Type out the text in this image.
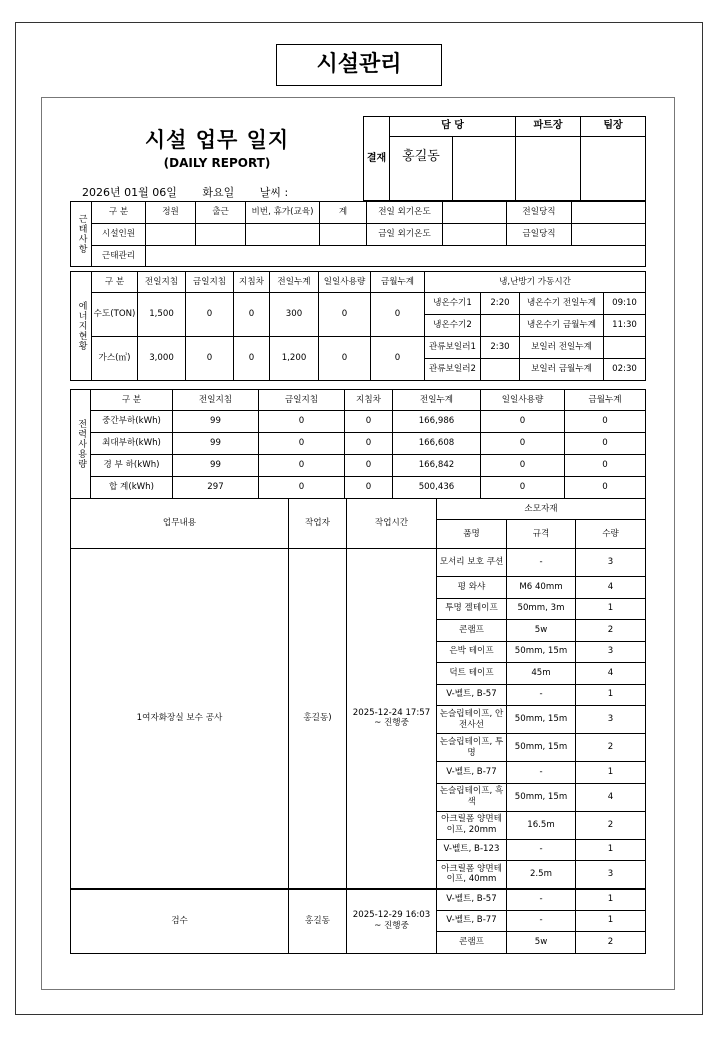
시설관리
시설 업무 일지
(DAILY REPORT)
2026년 01월 06일 화요일 날씨 :
결재	담 당		파트장	팀장
	홍길동			
근태사항	구 분	정원	출근	비번, 휴가(교육)	계	전일 외기온도		전일당직	
	시설인원					금일 외기온도		금일당직	
	근태관리								
에너지현황	구 분	전일지침	금일지침	지침차	전일누계	일일사용량	금월누계	냉,난방기 가동시간			
	수도(TON)	1,500	0	0	300	0	0	냉온수기1	2:20	냉온수기 전일누계	09:10
								냉온수기2		냉온수기 금월누계	11:30
	가스(㎥)	3,000	0	0	1,200	0	0	관류보일러1	2:30	보일러 전일누계	
								관류보일러2		보일러 금월누계	02:30
전력사용량	구 분	전일지침	금일지침	지침차	전일누계	일일사용량	금월누계
	중간부하(kWh)	99	0	0	166,986	0	0
	최대부하(kWh)	99	0	0	166,608	0	0
	경 부 하(kWh)	99	0	0	166,842	0	0
	합 계(kWh)	297	0	0	500,436	0	0
업무내용	작업자	작업시간	소모자재		
			품명	규격	수량
1여자화장실 보수 공사	홍길동)	2025-12-24 17:57 ~ 진행중	모서리 보호 쿠션	-	3
			평 와샤	M6 40mm	4
			투명 겔테이프	50mm, 3m	1
			콘램프	5w	2
			은박 테이프	50mm, 15m	3
			덕트 테이프	45m	4
			V-벨트, B-57	-	1
			논슬립테이프, 안전사선	50mm, 15m	3
			논슬립테이프, 투명	50mm, 15m	2
			V-벨트, B-77	-	1
			논슬립테이프, 흑색	50mm, 15m	4
			아크릴폼 양면테이프, 20mm	16.5m	2
			V-벨트, B-123	-	1
			아크릴폼 양면테이프, 40mm	2.5m	3
검수	홍길동	2025-12-29 16:03 ~ 진행중	V-벨트, B-57	-	1
			V-벨트, B-77	-	1
			콘램프	5w	2
